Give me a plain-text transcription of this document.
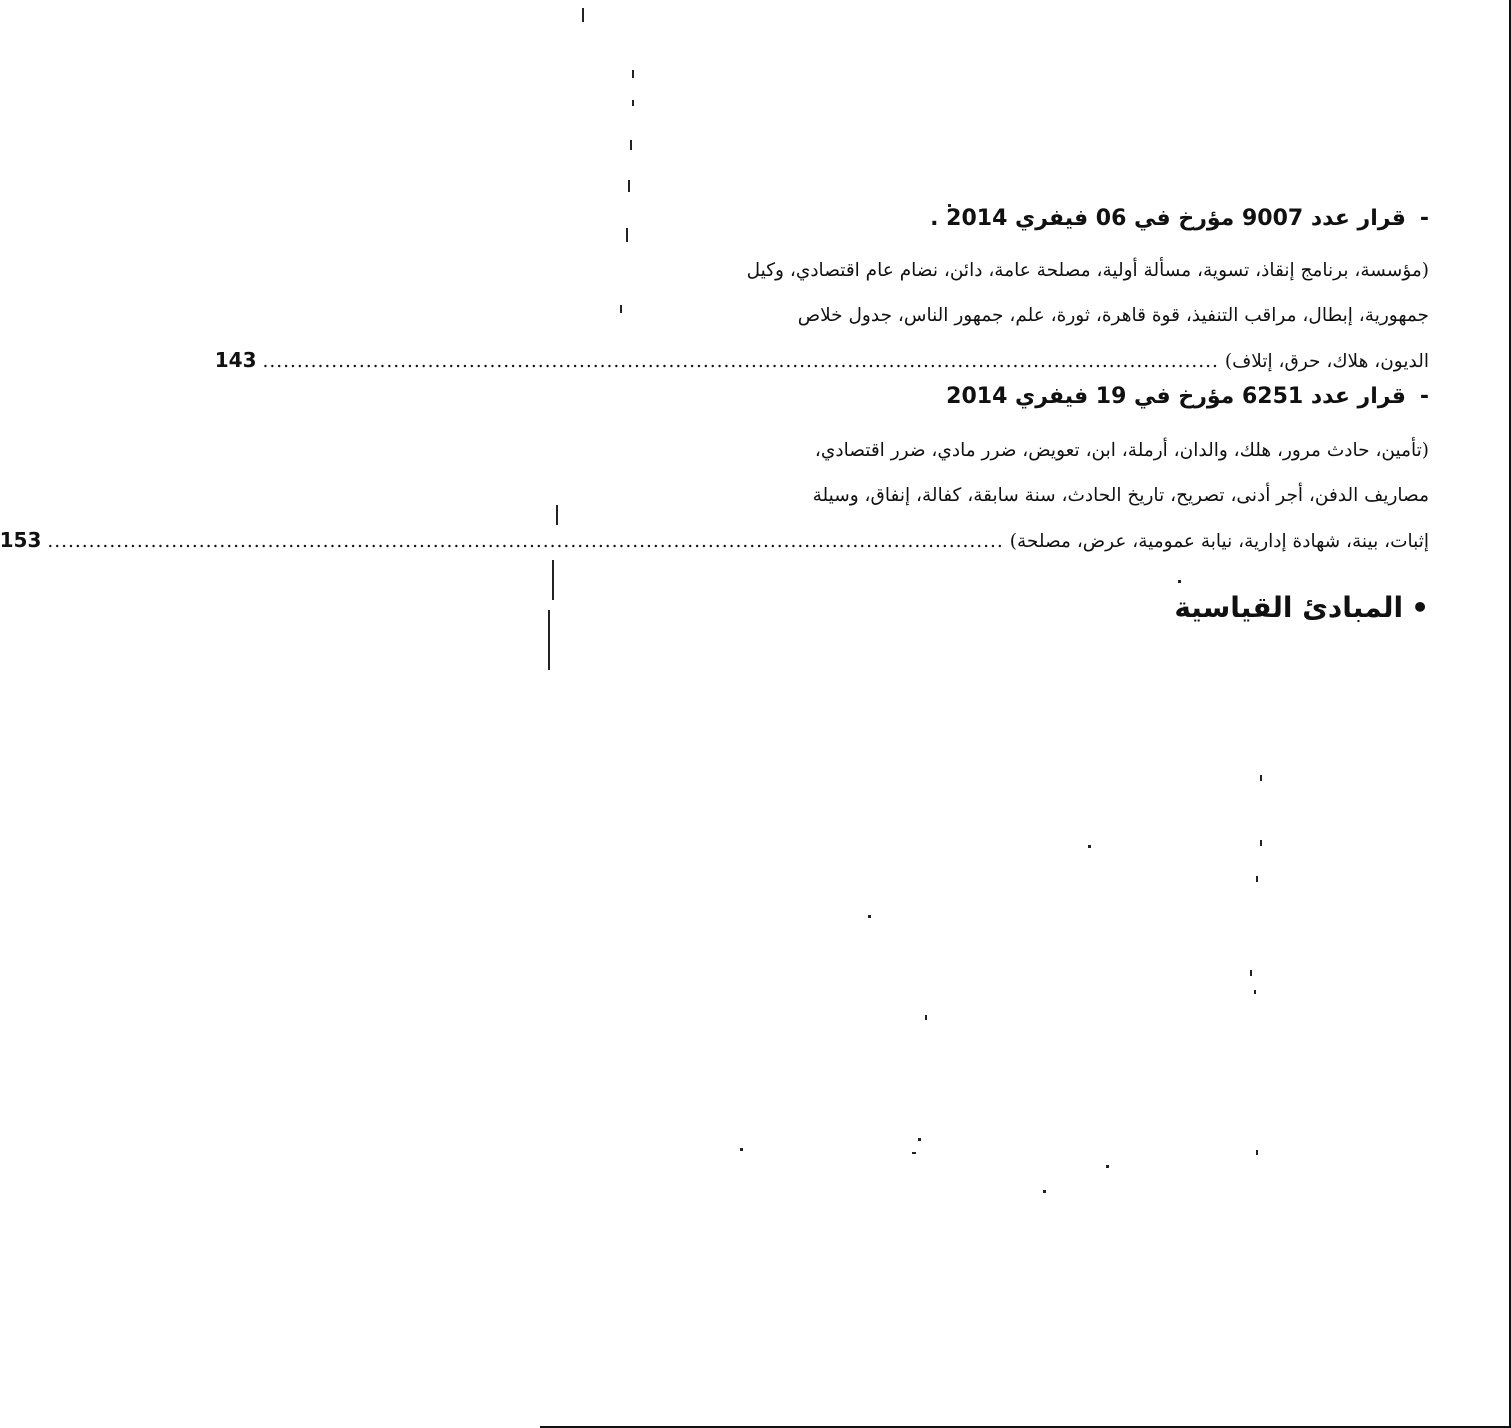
-قرار عدد 9007 مؤرخ في 06 فيفري 2014 .
(مؤسسة، برنامج إنقاذ، تسوية، مسألة أولية، مصلحة عامة، دائن، نضام عام اقتصادي، وكيل
جمهورية، إبطال، مراقب التنفيذ، قوة قاهرة، ثورة، علم، جمهور الناس، جدول خلاص
الديون، هلاك، حرق، إتلاف)
...........................................................................................................................................
143
-قرار عدد 6251 مؤرخ في 19 فيفري 2014
(تأمين، حادث مرور، هلك، والدان، أرملة، ابن، تعويض، ضرر مادي، ضرر اقتصادي،
مصاريف الدفن، أجر أدنى، تصريح، تاريخ الحادث، سنة سابقة، كفالة، إنفاق، وسيلة
إثبات، بينة، شهادة إدارية، نيابة عمومية، عرض، مصلحة)
...........................................................................................................................................
153
•المبادئ القياسية
